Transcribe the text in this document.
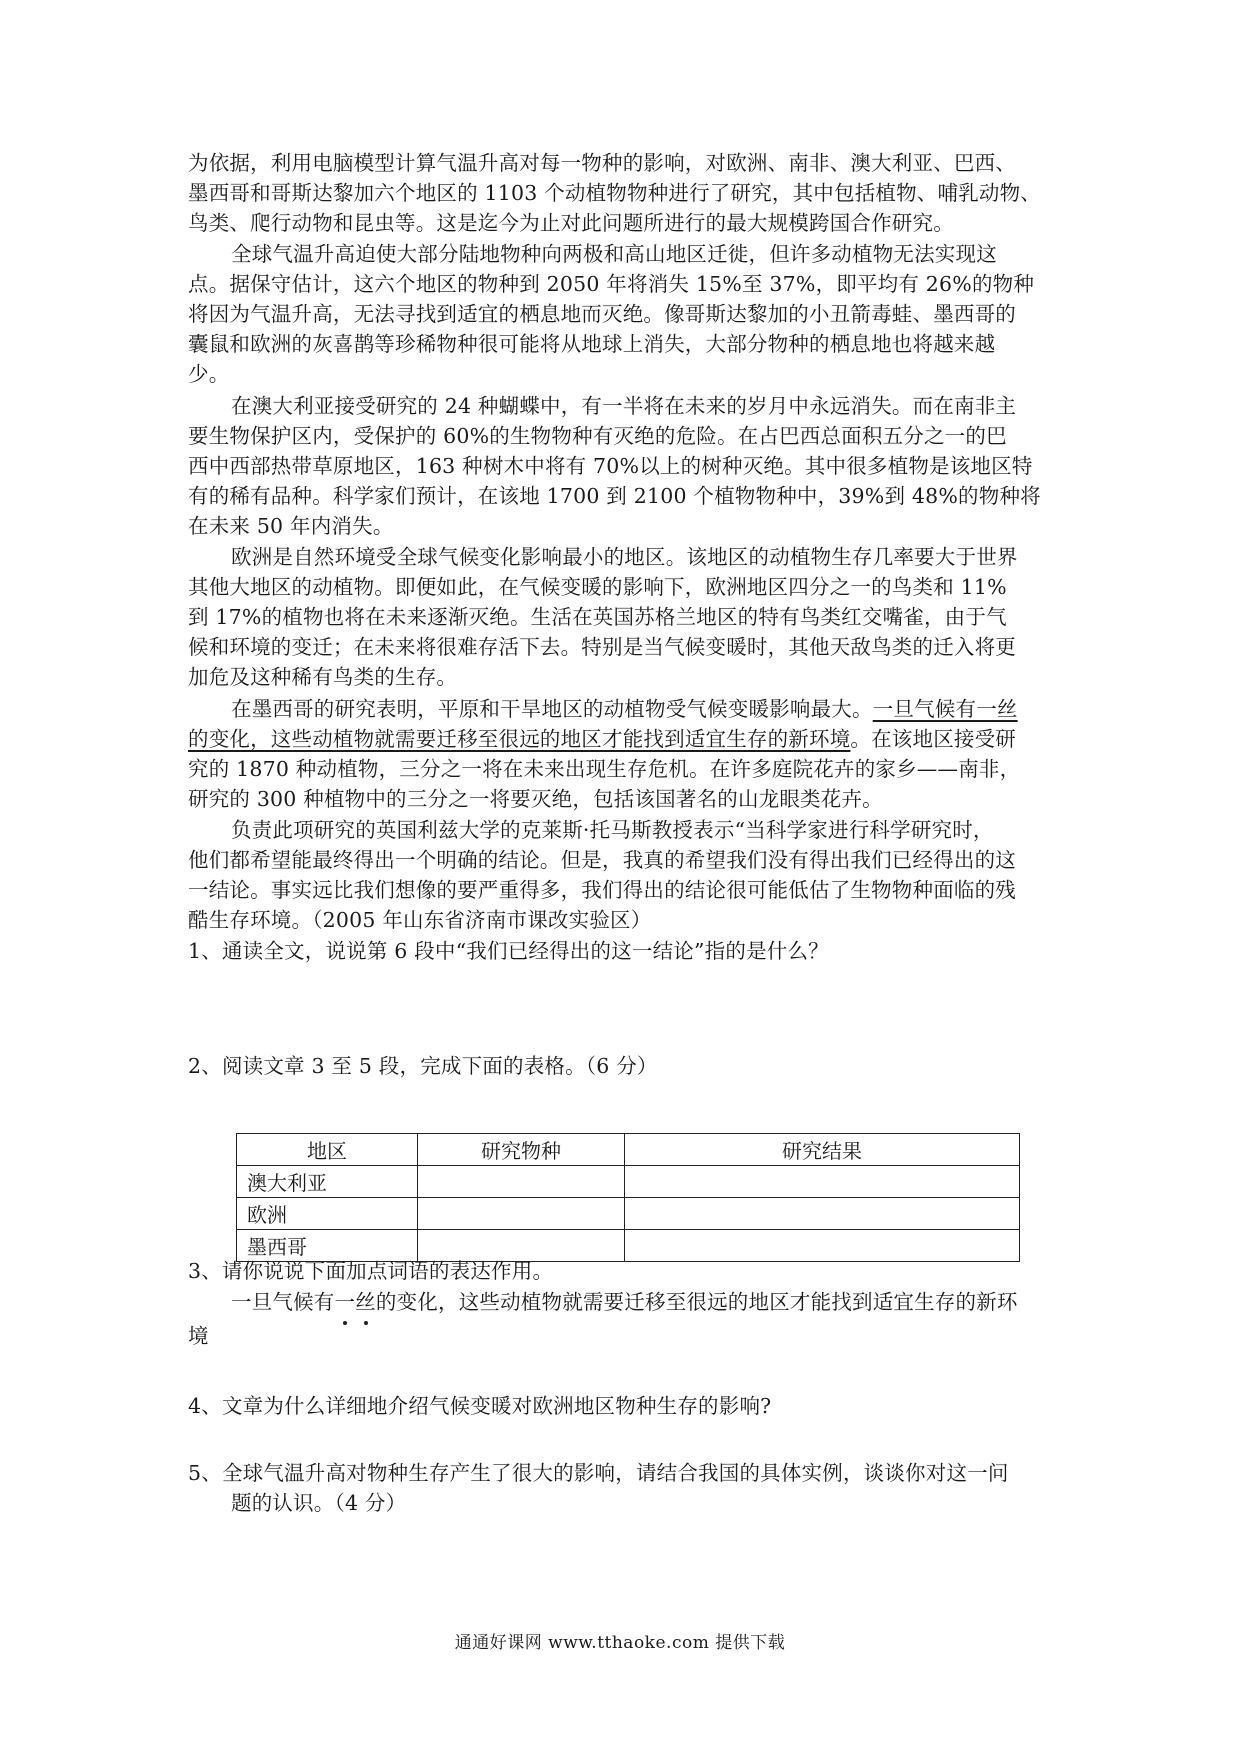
为依据，利用电脑模型计算气温升高对每一物种的影响，对欧洲、南非、澳大利亚、巴西、
墨西哥和哥斯达黎加六个地区的 1103 个动植物物种进行了研究，其中包括植物、哺乳动物、
鸟类、爬行动物和昆虫等。这是迄今为止对此问题所进行的最大规模跨国合作研究。
全球气温升高迫使大部分陆地物种向两极和高山地区迁徙，但许多动植物无法实现这
点。据保守估计，这六个地区的物种到 2050 年将消失 15%至 37%，即平均有 26%的物种
将因为气温升高，无法寻找到适宜的栖息地而灭绝。像哥斯达黎加的小丑箭毒蛙、墨西哥的
囊鼠和欧洲的灰喜鹊等珍稀物种很可能将从地球上消失，大部分物种的栖息地也将越来越
少。
在澳大利亚接受研究的 24 种蝴蝶中，有一半将在未来的岁月中永远消失。而在南非主
要生物保护区内，受保护的 60%的生物物种有灭绝的危险。在占巴西总面积五分之一的巴
西中西部热带草原地区，163 种树木中将有 70%以上的树种灭绝。其中很多植物是该地区特
有的稀有品种。科学家们预计，在该地 1700 到 2100 个植物物种中，39%到 48%的物种将
在未来 50 年内消失。
欧洲是自然环境受全球气候变化影响最小的地区。该地区的动植物生存几率要大于世界
其他大地区的动植物。即便如此，在气候变暖的影响下，欧洲地区四分之一的鸟类和 11%
到 17%的植物也将在未来逐渐灭绝。生活在英国苏格兰地区的特有鸟类红交嘴雀，由于气
候和环境的变迁；在未来将很难存活下去。特别是当气候变暖时，其他天敌鸟类的迁入将更
加危及这种稀有鸟类的生存。
在墨西哥的研究表明，平原和干旱地区的动植物受气候变暖影响最大。一旦气候有一丝
的变化，这些动植物就需要迁移至很远的地区才能找到适宜生存的新环境。在该地区接受研
究的 1870 种动植物，三分之一将在未来出现生存危机。在许多庭院花卉的家乡——南非，
研究的 300 种植物中的三分之一将要灭绝，包括该国著名的山龙眼类花卉。
负责此项研究的英国利兹大学的克莱斯·托马斯教授表示“当科学家进行科学研究时，
他们都希望能最终得出一个明确的结论。但是，我真的希望我们没有得出我们已经得出的这
一结论。事实远比我们想像的要严重得多，我们得出的结论很可能低估了生物物种面临的残
酷生存环境。（2005 年山东省济南市课改实验区）
1、通读全文，说说第 6 段中“我们已经得出的这一结论”指的是什么？
2、阅读文章 3 至 5 段，完成下面的表格。（6 分）
地区	研究物种	研究结果
澳大利亚		
欧洲		
墨西哥		
3、请你说说下面加点词语的表达作用。
一旦气候有一丝的变化，这些动植物就需要迁移至很远的地区才能找到适宜生存的新环
境
4、文章为什么详细地介绍气候变暖对欧洲地区物种生存的影响?
5、全球气温升高对物种生存产生了很大的影响，请结合我国的具体实例，谈谈你对这一问
题的认识。（4 分）
通通好课网 www.tthaoke.com 提供下载
